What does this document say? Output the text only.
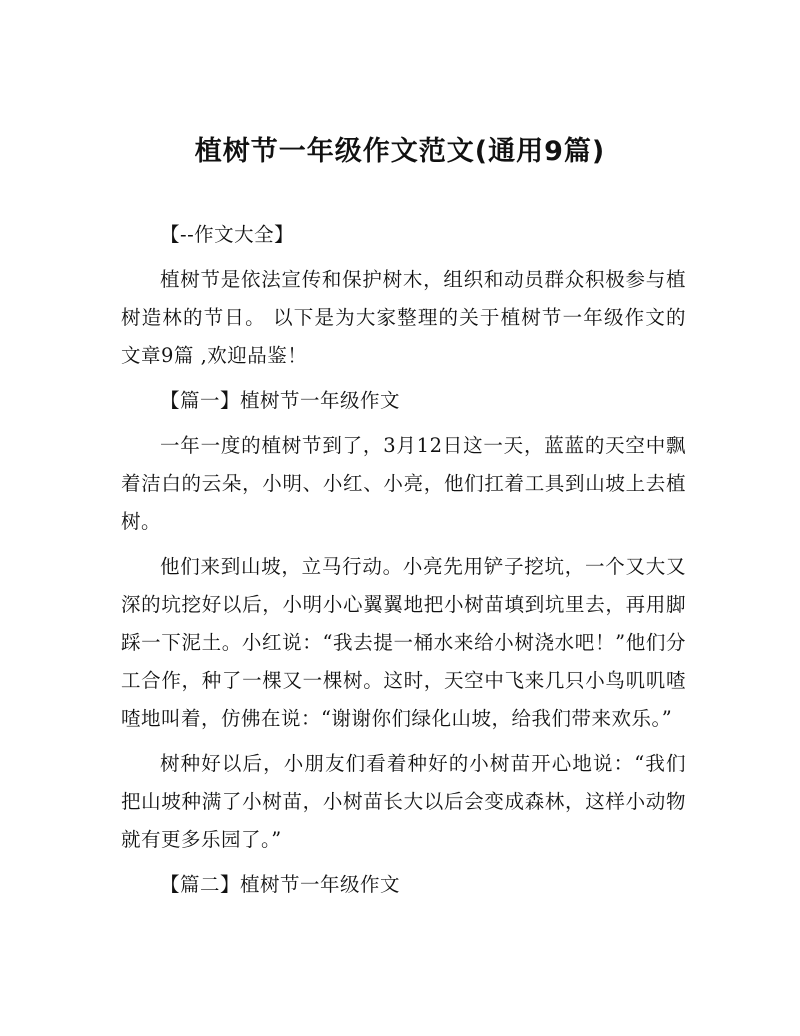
植树节一年级作文范文(通用9篇)

【--作文大全】

植树节是依法宣传和保护树木，组织和动员群众积极参与植树造林的节日。 以下是为大家整理的关于植树节一年级作文的文章9篇 ,欢迎品鉴！

【篇一】植树节一年级作文

一年一度的植树节到了，3月12日这一天，蓝蓝的天空中飘着洁白的云朵，小明、小红、小亮，他们扛着工具到山坡上去植树。

他们来到山坡，立马行动。小亮先用铲子挖坑，一个又大又深的坑挖好以后，小明小心翼翼地把小树苗填到坑里去，再用脚踩一下泥土。小红说：“我去提一桶水来给小树浇水吧！”他们分工合作，种了一棵又一棵树。这时，天空中飞来几只小鸟叽叽喳喳地叫着，仿佛在说：“谢谢你们绿化山坡，给我们带来欢乐。”

树种好以后，小朋友们看着种好的小树苗开心地说：“我们把山坡种满了小树苗，小树苗长大以后会变成森林，这样小动物就有更多乐园了。”

【篇二】植树节一年级作文
